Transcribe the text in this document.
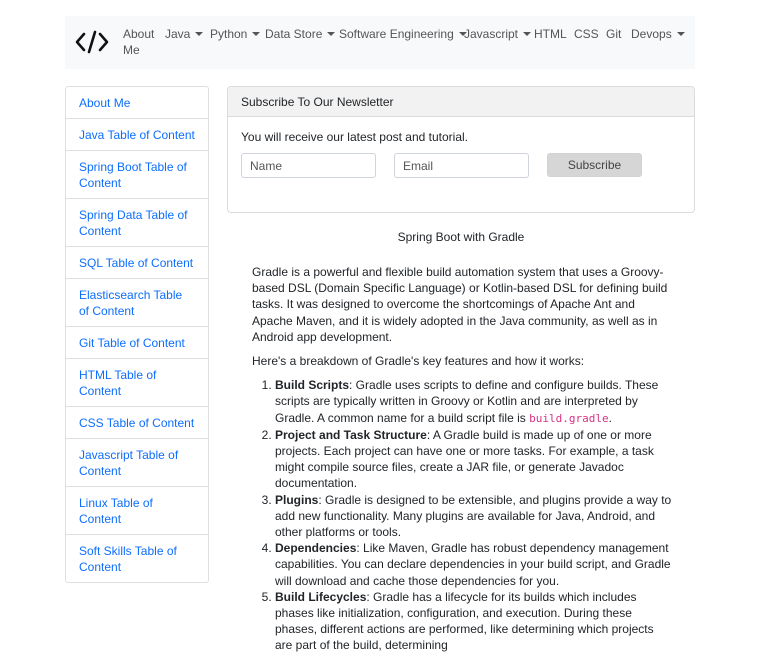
About Me
Java	Python	Data Store	Software Engineering Javascript	HTML CSS Git Devops
About Me
Java Table of Content
Spring Boot Table of Content
Spring Data Table of Content
SQL Table of Content
Elasticsearch Table of Content
Git Table of Content
HTML Table of Content
CSS Table of Content
Javascript Table of Content
Linux Table of Content
Soft Skills Table of Content
Subscribe To Our Newsletter
You will receive our latest post and tutorial.
Name
Email
Subscribe
Spring Boot with Gradle

Gradle is a powerful and flexible build automation system that uses a Groovy-based DSL (Domain Specific Language) or Kotlin-based DSL for defining build tasks. It was designed to overcome the shortcomings of Apache Ant and Apache Maven, and it is widely adopted in the Java community, as well as in Android app development.

Here's a breakdown of Gradle's key features and how it works:

1. Build Scripts: Gradle uses scripts to define and configure builds. These scripts are typically written in Groovy or Kotlin and are interpreted by Gradle. A common name for a build script file is build.gradle.
2. Project and Task Structure: A Gradle build is made up of one or more projects. Each project can have one or more tasks. For example, a task might compile source files, create a JAR file, or generate Javadoc documentation.
3. Plugins: Gradle is designed to be extensible, and plugins provide a way to add new functionality. Many plugins are available for Java, Android, and other platforms or tools.
4. Dependencies: Like Maven, Gradle has robust dependency management capabilities. You can declare dependencies in your build script, and Gradle will download and cache those dependencies for you.
5. Build Lifecycles: Gradle has a lifecycle for its builds which includes phases like initialization, configuration, and execution. During these phases, different actions are performed, like determining which projects are part of the build, determining
